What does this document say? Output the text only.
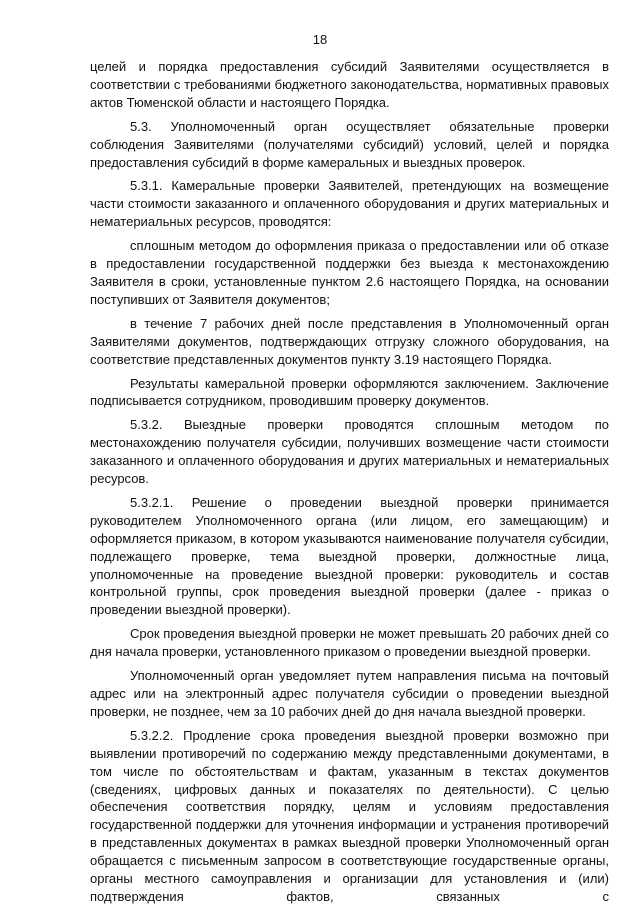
18

целей и порядка предоставления субсидий Заявителями осуществляется в соответствии с требованиями бюджетного законодательства, нормативных правовых актов Тюменской области и настоящего Порядка.

5.3. Уполномоченный орган осуществляет обязательные проверки соблюдения Заявителями (получателями субсидий) условий, целей и порядка предоставления субсидий в форме камеральных и выездных проверок.

5.3.1. Камеральные проверки Заявителей, претендующих на возмещение части стоимости заказанного и оплаченного оборудования и других материальных и нематериальных ресурсов, проводятся:

сплошным методом до оформления приказа о предоставлении или об отказе в предоставлении государственной поддержки без выезда к местонахождению Заявителя в сроки, установленные пунктом 2.6 настоящего Порядка, на основании поступивших от Заявителя документов;

в течение 7 рабочих дней после представления в Уполномоченный орган Заявителями документов, подтверждающих отгрузку сложного оборудования, на соответствие представленных документов пункту 3.19 настоящего Порядка.

Результаты камеральной проверки оформляются заключением. Заключение подписывается сотрудником, проводившим проверку документов.

5.3.2. Выездные проверки проводятся сплошным методом по местонахождению получателя субсидии, получивших возмещение части стоимости заказанного и оплаченного оборудования и других материальных и нематериальных ресурсов.

5.3.2.1. Решение о проведении выездной проверки принимается руководителем Уполномоченного органа (или лицом, его замещающим) и оформляется приказом, в котором указываются наименование получателя субсидии, подлежащего проверке, тема выездной проверки, должностные лица, уполномоченные на проведение выездной проверки: руководитель и состав контрольной группы, срок проведения выездной проверки (далее - приказ о проведении выездной проверки).

Срок проведения выездной проверки не может превышать 20 рабочих дней со дня начала проверки, установленного приказом о проведении выездной проверки.

Уполномоченный орган уведомляет путем направления письма на почтовый адрес или на электронный адрес получателя субсидии о проведении выездной проверки, не позднее, чем за 10 рабочих дней до дня начала выездной проверки.

5.3.2.2. Продление срока проведения выездной проверки возможно при выявлении противоречий по содержанию между представленными документами, в том числе по обстоятельствам и фактам, указанным в текстах документов (сведениях, цифровых данных и показателях по деятельности). С целью обеспечения соответствия порядку, целям и условиям предоставления государственной поддержки для уточнения информации и устранения противоречий в представленных документах в рамках выездной проверки Уполномоченный орган обращается с письменным запросом в соответствующие государственные органы, органы местного самоуправления и организации для установления и (или) подтверждения фактов, связанных с
